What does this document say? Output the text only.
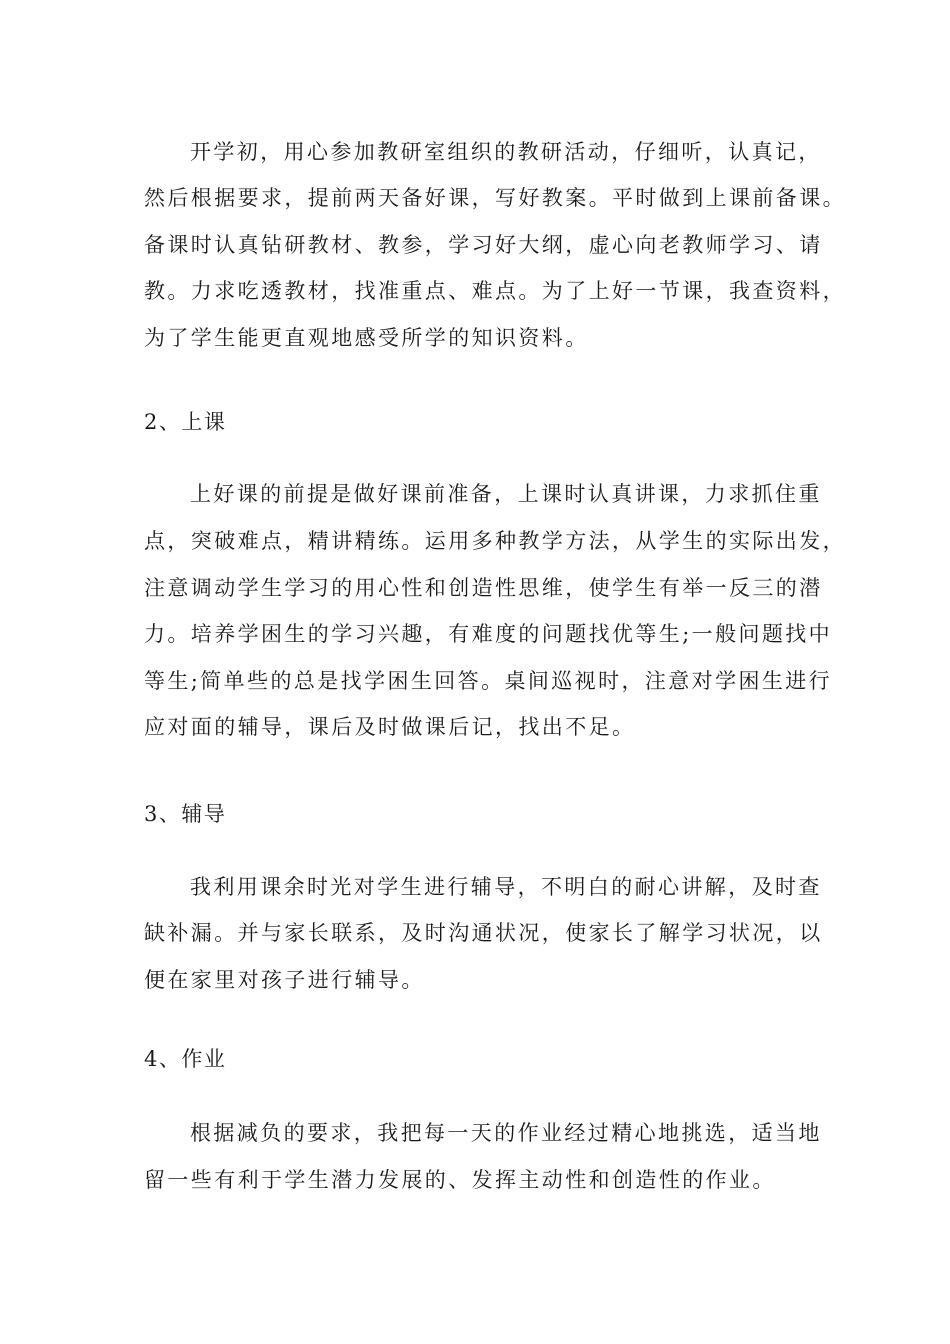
开学初，用心参加教研室组织的教研活动，仔细听，认真记，
然后根据要求，提前两天备好课，写好教案。平时做到上课前备课。
备课时认真钻研教材、教参，学习好大纲，虚心向老教师学习、请
教。力求吃透教材，找准重点、难点。为了上好一节课，我查资料，
为了学生能更直观地感受所学的知识资料。
2、上课
上好课的前提是做好课前准备，上课时认真讲课，力求抓住重
点，突破难点，精讲精练。运用多种教学方法，从学生的实际出发，
注意调动学生学习的用心性和创造性思维，使学生有举一反三的潜
力。培养学困生的学习兴趣，有难度的问题找优等生;一般问题找中
等生;简单些的总是找学困生回答。桌间巡视时，注意对学困生进行
应对面的辅导，课后及时做课后记，找出不足。
3、辅导
我利用课余时光对学生进行辅导，不明白的耐心讲解，及时查
缺补漏。并与家长联系，及时沟通状况，使家长了解学习状况，以
便在家里对孩子进行辅导。
4、作业
根据减负的要求，我把每一天的作业经过精心地挑选，适当地
留一些有利于学生潜力发展的、发挥主动性和创造性的作业。
